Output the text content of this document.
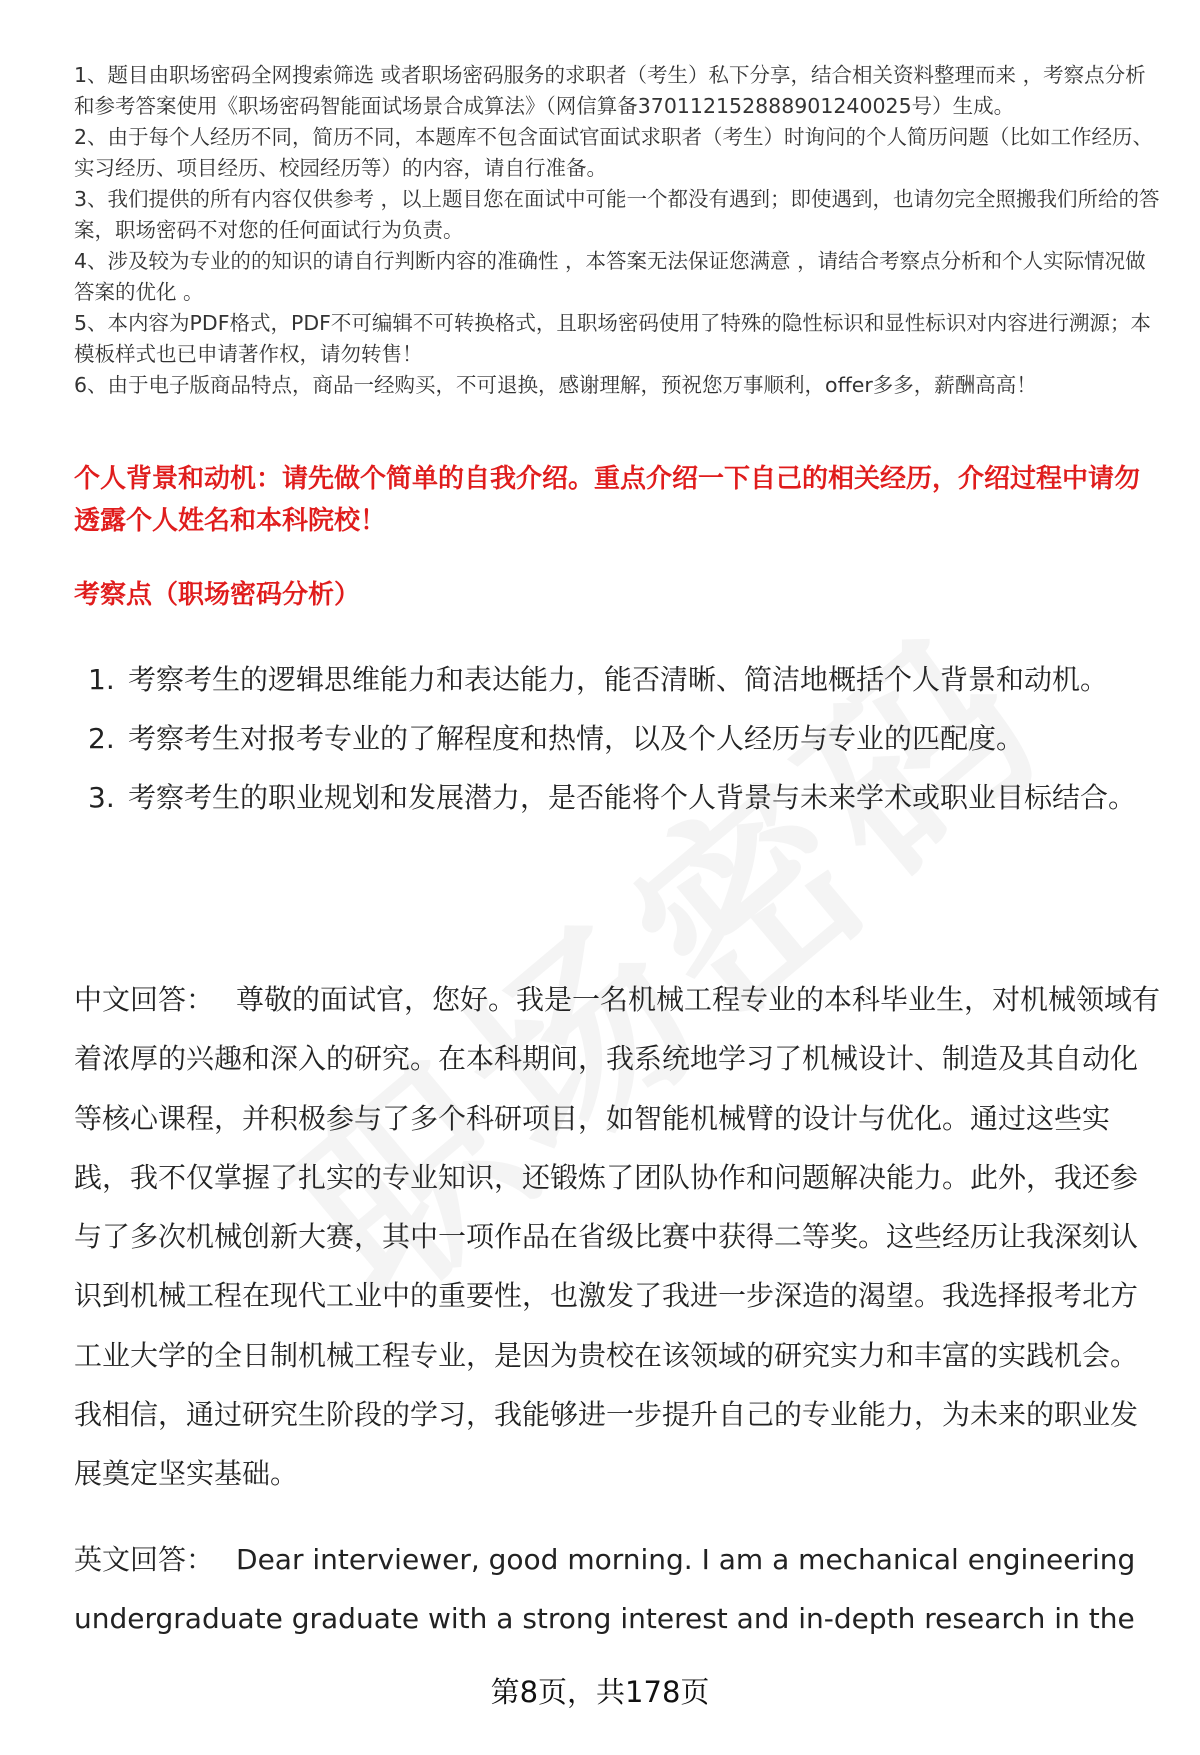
1、题目由职场密码全网搜索筛选 或者职场密码服务的求职者（考生）私下分享，结合相关资料整理而来 ，考察点分析和参考答案使用《职场密码智能面试场景合成算法》（网信算备370112152888901240025号）生成。

2、由于每个人经历不同，简历不同，本题库不包含面试官面试求职者（考生）时询问的个人简历问题（比如工作经历、实习经历、项目经历、校园经历等）的内容，请自行准备。

3、我们提供的所有内容仅供参考 ，以上题目您在面试中可能一个都没有遇到；即使遇到，也请勿完全照搬我们所给的答案，职场密码不对您的任何面试行为负责。

4、涉及较为专业的的知识的请自行判断内容的准确性 ，本答案无法保证您满意 ，请结合考察点分析和个人实际情况做答案的优化 。

5、本内容为PDF格式，PDF不可编辑不可转换格式，且职场密码使用了特殊的隐性标识和显性标识对内容进行溯源；本模板样式也已申请著作权，请勿转售！

6、由于电子版商品特点，商品一经购买，不可退换，感谢理解，预祝您万事顺利，offer多多，薪酬高高！

个人背景和动机：请先做个简单的自我介绍。重点介绍一下自己的相关经历，介绍过程中请勿透露个人姓名和本科院校！
考察点（职场密码分析）
1. 考察考生的逻辑思维能力和表达能力，能否清晰、简洁地概括个人背景和动机。
2. 考察考生对报考专业的了解程度和热情，以及个人经历与专业的匹配度。
3. 考察考生的职业规划和发展潜力，是否能将个人背景与未来学术或职业目标结合。

中文回答： 尊敬的面试官，您好。我是一名机械工程专业的本科毕业生，对机械领域有着浓厚的兴趣和深入的研究。在本科期间，我系统地学习了机械设计、制造及其自动化等核心课程，并积极参与了多个科研项目，如智能机械臂的设计与优化。通过这些实践，我不仅掌握了扎实的专业知识，还锻炼了团队协作和问题解决能力。此外，我还参与了多次机械创新大赛，其中一项作品在省级比赛中获得二等奖。这些经历让我深刻认识到机械工程在现代工业中的重要性，也激发了我进一步深造的渴望。我选择报考北方工业大学的全日制机械工程专业，是因为贵校在该领域的研究实力和丰富的实践机会。我相信，通过研究生阶段的学习，我能够进一步提升自己的专业能力，为未来的职业发展奠定坚实基础。

英文回答： Dear interviewer, good morning. I am a mechanical engineering undergraduate graduate with a strong interest and in-depth research in the

第8页，共178页
